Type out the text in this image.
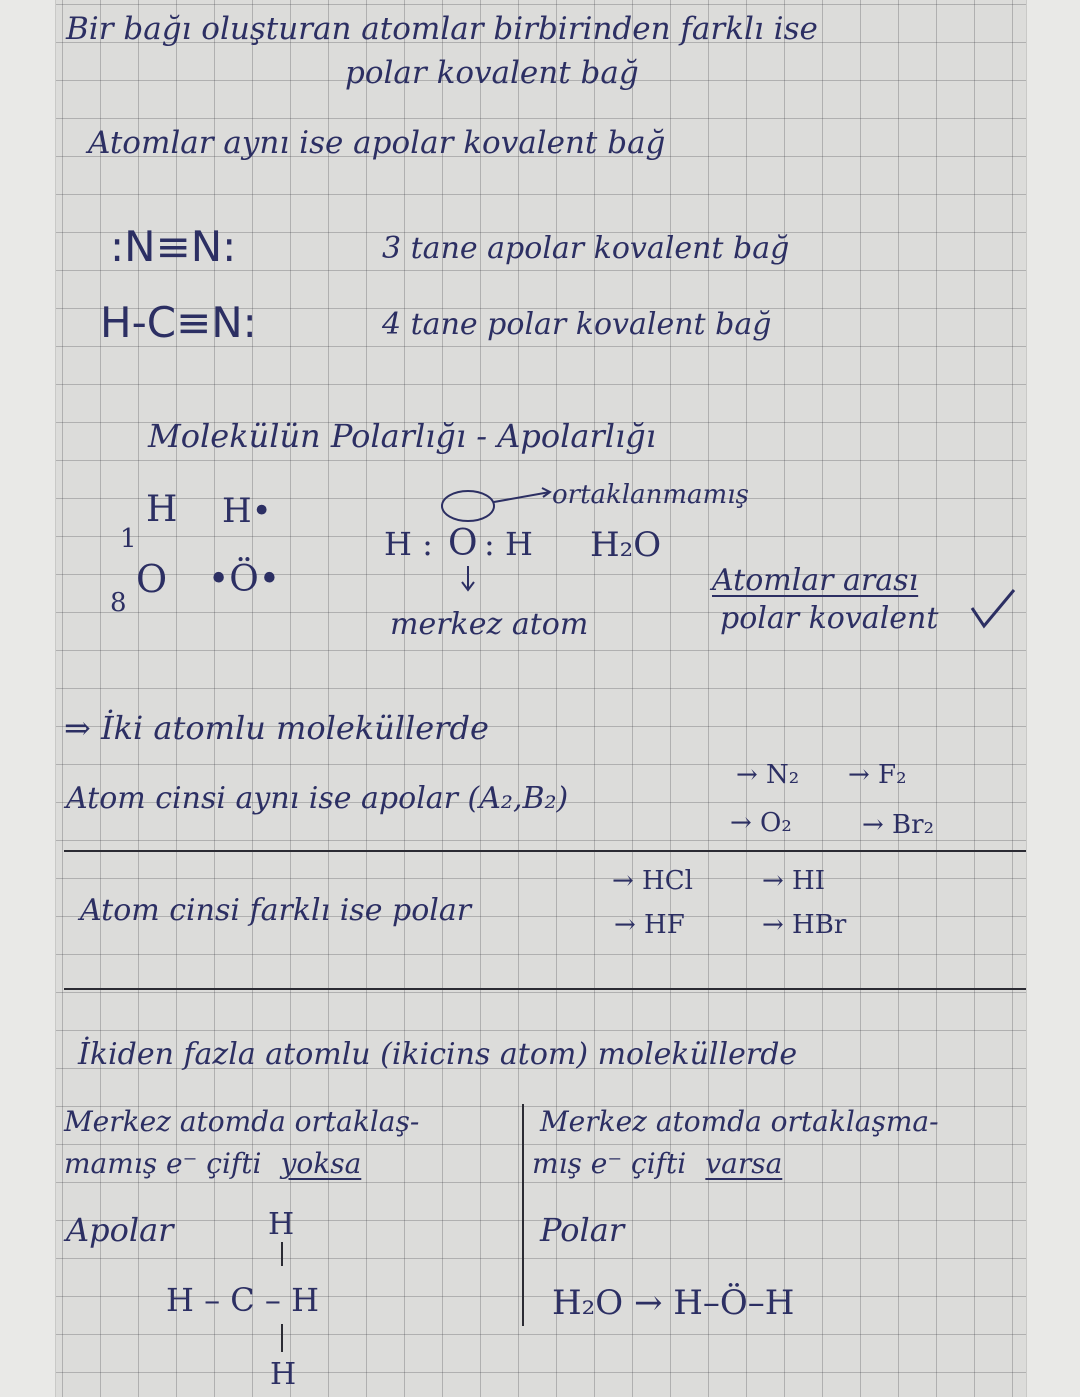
Bir bağı oluşturan atomlar birbirinden farklı ise
polar kovalent bağ
Atomlar aynı ise apolar kovalent bağ
:N≡N:	3 tane apolar kovalent bağ
H-C≡N:	4 tane polar kovalent bağ
Molekülün Polarlığı - Apolarlığı
H
1
H•
8
O •Ö•
H : O : H
ortaklanmamış
H₂O
merkez atom
Atomlar arası
polar kovalent
⇒ İki atomlu moleküllerde
Atom cinsi aynı ise apolar (A₂,B₂)
→ N₂ → F₂
→ O₂	→ Br₂
Atom cinsi farklı ise polar
→ HCl	→ HI
→ HF	→ HBr
İkiden fazla atomlu (ikicins atom) moleküllerde
Merkez atomda ortaklaş-
mamış e⁻ çifti yoksa
Apolar	H
H – C – H
H
Merkez atomda ortaklaşma-
mış e⁻ çifti varsa
Polar
H₂O → H–Ö–H
